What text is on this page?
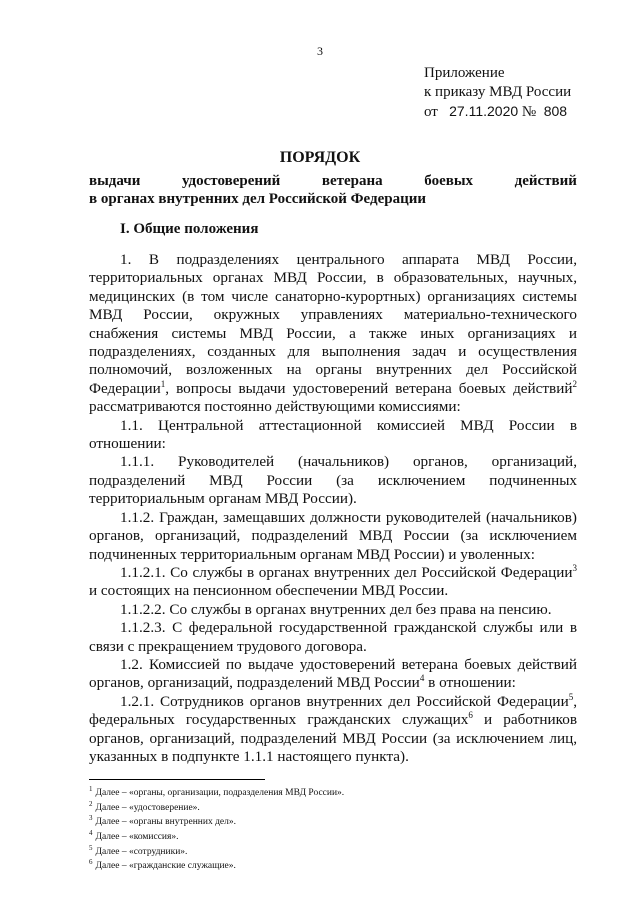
3
Приложение
к приказу МВД России
от 27.11.2020 № 808
ПОРЯДОК
выдачи	удостоверений	ветерана	боевых	действий
в органах внутренних дел Российской Федерации
I. Общие положения

1. В подразделениях центрального аппарата МВД России, территориальных органах МВД России, в образовательных, научных, медицинских (в том числе санаторно-курортных) организациях системы МВД России, окружных управлениях материально-технического снабжения системы МВД России, а также иных организациях и подразделениях, созданных для выполнения задач и осуществления полномочий, возложенных на органы внутренних дел Российской Федерации$^1$, вопросы выдачи удостоверений ветерана боевых действий$^2$ рассматриваются постоянно действующими комиссиями:

1.1. Центральной аттестационной комиссией МВД России в отношении:

1.1.1. Руководителей (начальников) органов, организаций, подразделений МВД России (за исключением подчиненных территориальным органам МВД России).

1.1.2. Граждан, замещавших должности руководителей (начальников) органов, организаций, подразделений МВД России (за исключением подчиненных территориальным органам МВД России) и уволенных:

1.1.2.1. Со службы в органах внутренних дел Российской Федерации$^3$ и состоящих на пенсионном обеспечении МВД России.

1.1.2.2. Со службы в органах внутренних дел без права на пенсию.

1.1.2.3. С федеральной государственной гражданской службы или в связи с прекращением трудового договора.

1.2. Комиссией по выдаче удостоверений ветерана боевых действий органов, организаций, подразделений МВД России$^4$ в отношении:

1.2.1. Сотрудников органов внутренних дел Российской Федерации$^5$, федеральных государственных гражданских служащих$^6$ и работников органов, организаций, подразделений МВД России (за исключением лиц, указанных в подпункте 1.1.1 настоящего пункта).

$^1$ Далее – «органы, организации, подразделения МВД России».
$^2$ Далее – «удостоверение».
$^3$ Далее – «органы внутренних дел».
$^4$ Далее – «комиссия».
$^5$ Далее – «сотрудники».
$^6$ Далее – «гражданские служащие».
